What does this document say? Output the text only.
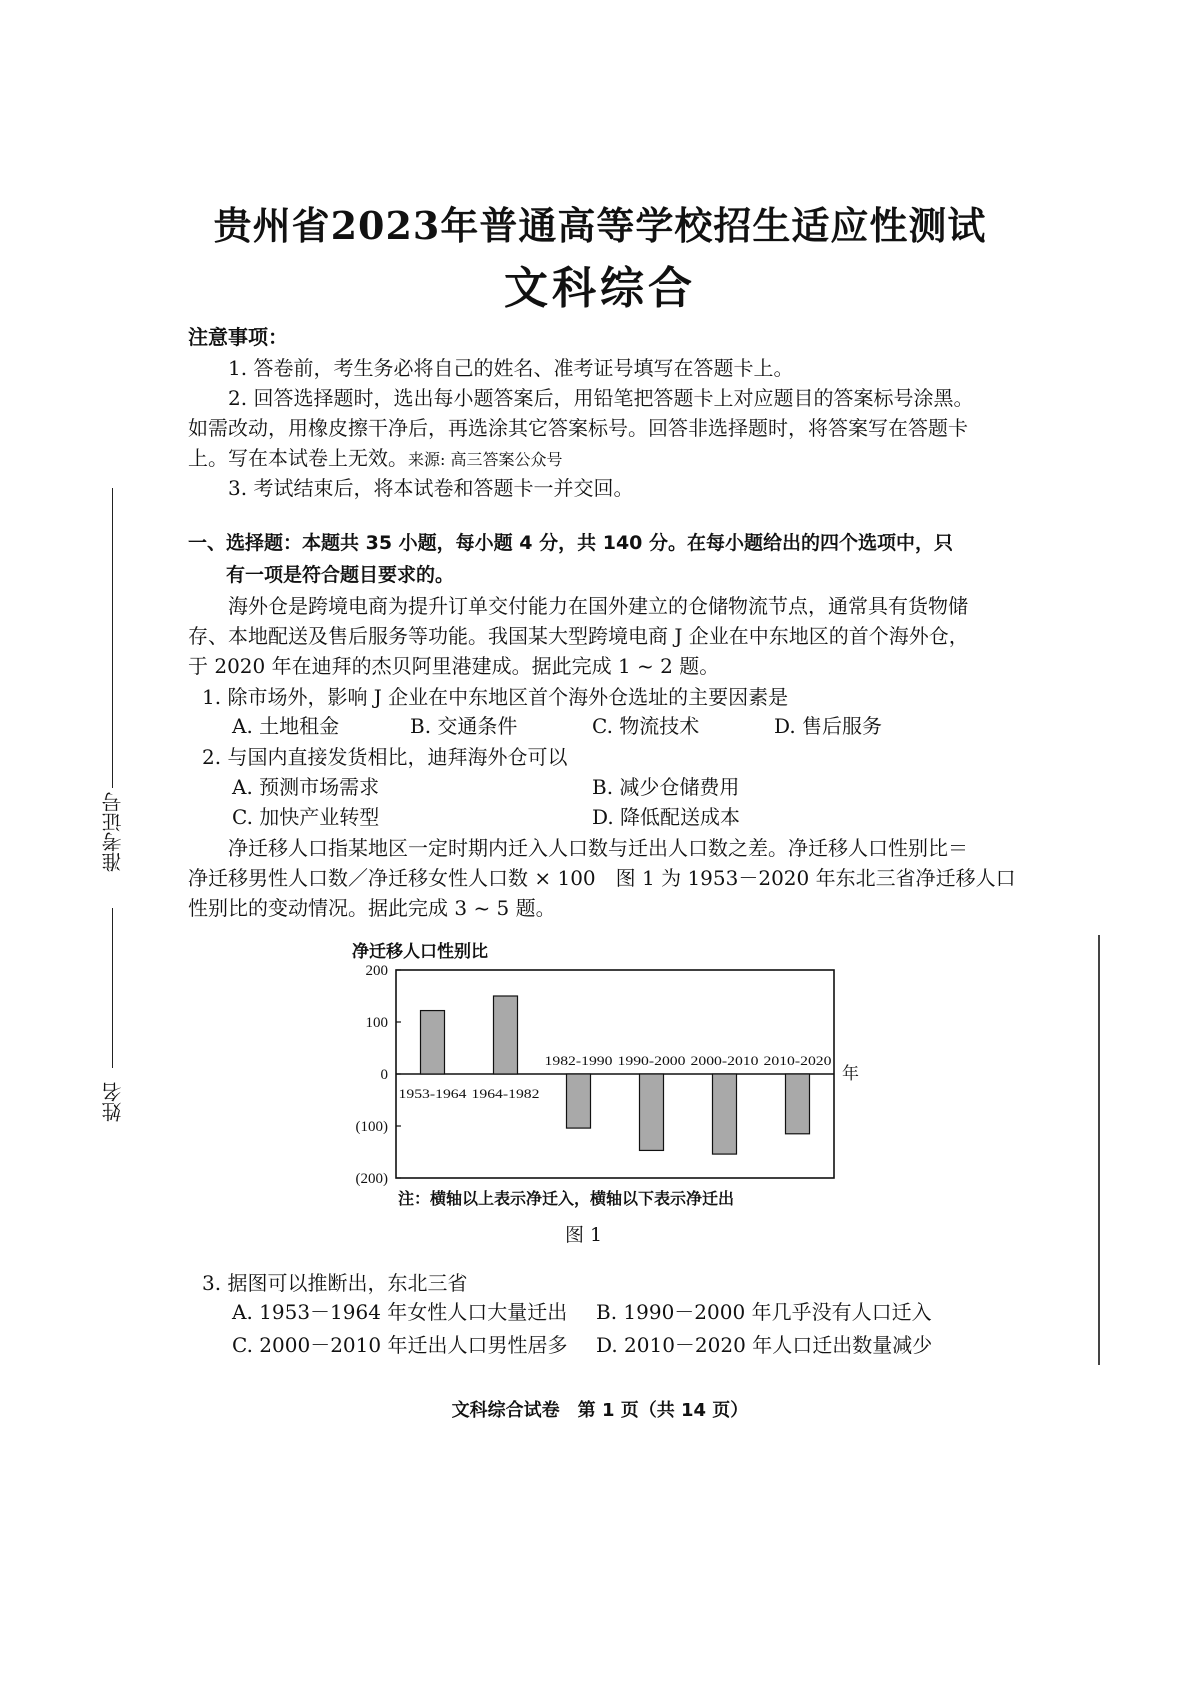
贵州省2023年普通高等学校招生适应性测试
文科综合
准考证号
姓名
注意事项：
1. 答卷前，考生务必将自己的姓名、准考证号填写在答题卡上。
2. 回答选择题时，选出每小题答案后，用铅笔把答题卡上对应题目的答案标号涂黑。
如需改动，用橡皮擦干净后，再选涂其它答案标号。回答非选择题时，将答案写在答题卡
上。写在本试卷上无效。来源: 高三答案公众号
3. 考试结束后，将本试卷和答题卡一并交回。
一、选择题：本题共 35 小题，每小题 4 分，共 140 分。在每小题给出的四个选项中，只
有一项是符合题目要求的。
海外仓是跨境电商为提升订单交付能力在国外建立的仓储物流节点，通常具有货物储
存、本地配送及售后服务等功能。我国某大型跨境电商 J 企业在中东地区的首个海外仓，
于 2020 年在迪拜的杰贝阿里港建成。据此完成 1 ~ 2 题。
1. 除市场外，影响 J 企业在中东地区首个海外仓选址的主要因素是
A. 土地租金	B. 交通条件	C. 物流技术	D. 售后服务
2. 与国内直接发货相比，迪拜海外仓可以
A. 预测市场需求	B. 减少仓储费用
C. 加快产业转型	D. 降低配送成本
净迁移人口指某地区一定时期内迁入人口数与迁出人口数之差。净迁移人口性别比＝
净迁移男性人口数／净迁移女性人口数 × 100　图 1 为 1953－2020 年东北三省净迁移人口
性别比的变动情况。据此完成 3 ~ 5 题。
净迁移人口性别比
200
100
0
(100)
(200)
1953-1964 1964-1982
1982-1990 1990-2000 2000-2010 2010-2020
年
注：横轴以上表示净迁入，横轴以下表示净迁出
图 1
3. 据图可以推断出，东北三省
A. 1953－1964 年女性人口大量迁出 B. 1990－2000 年几乎没有人口迁入
C. 2000－2010 年迁出人口男性居多 D. 2010－2020 年人口迁出数量减少
文科综合试卷　第 1 页（共 14 页）
